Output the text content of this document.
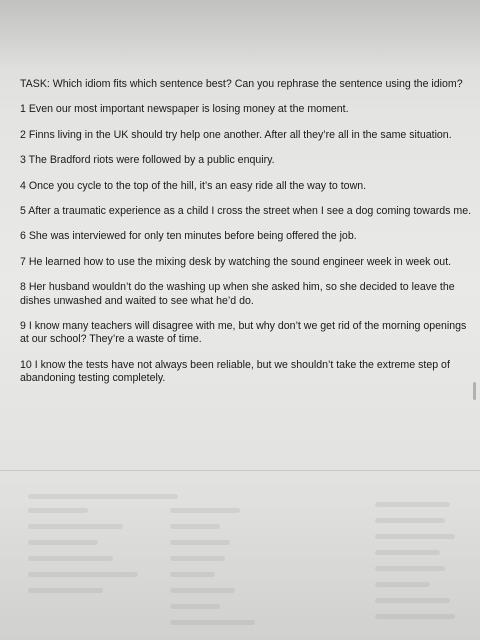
TASK: Which idiom fits which sentence best? Can you rephrase the sentence using the idiom?

1 Even our most important newspaper is losing money at the moment.

2 Finns living in the UK should try help one another. After all they’re all in the same situation.

3 The Bradford riots were followed by a public enquiry.

4 Once you cycle to the top of the hill, it’s an easy ride all the way to town.

5 After a traumatic experience as a child I cross the street when I see a dog coming towards me.

6 She was interviewed for only ten minutes before being offered the job.

7 He learned how to use the mixing desk by watching the sound engineer week in week out.

8 Her husband wouldn’t do the washing up when she asked him, so she decided to leave the dishes unwashed and waited to see what he’d do.

9 I know many teachers will disagree with me, but why don’t we get rid of the morning openings at our school? They’re a waste of time.

10 I know the tests have not always been reliable, but we shouldn’t take the extreme step of abandoning testing completely.
